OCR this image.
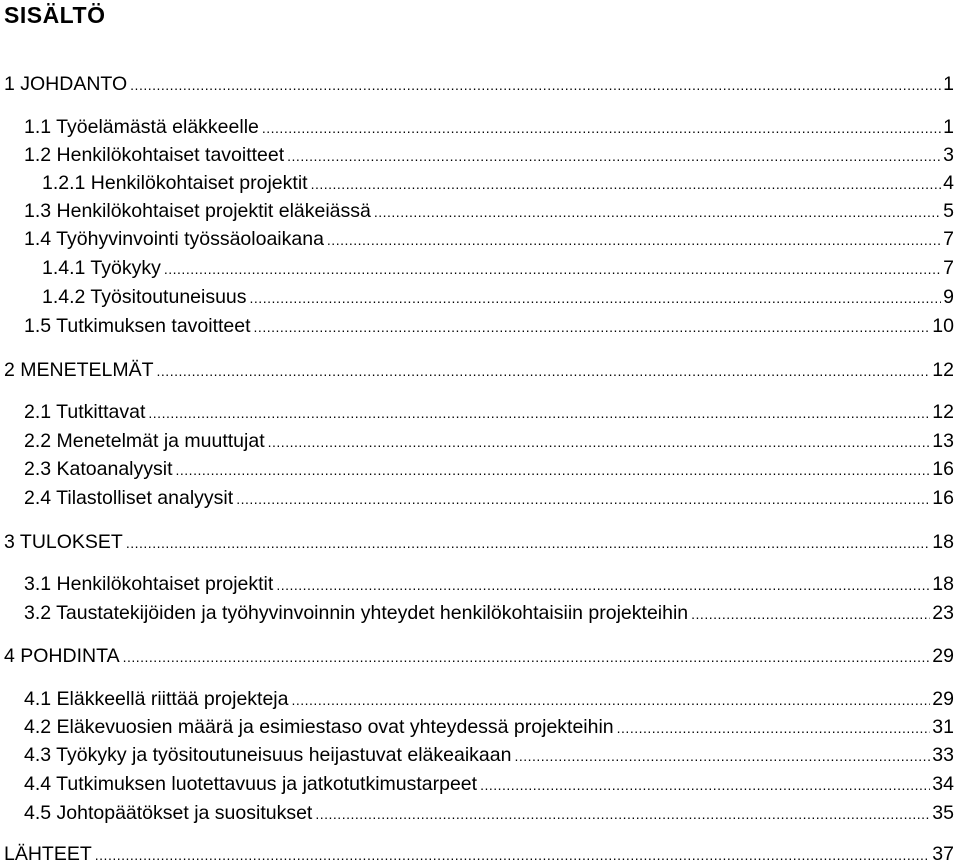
SISÄLTÖ
1 JOHDANTO .....	1
1.1 Työelämästä eläkkeelle .....	1
1.2 Henkilökohtaiset tavoitteet .....	3
1.2.1 Henkilökohtaiset projektit .....	4
1.3 Henkilökohtaiset projektit eläkeiässä .....	5
1.4 Työhyvinvointi työssäoloaikana .....	7
1.4.1 Työkyky .....	7
1.4.2 Työsitoutuneisuus .....	9
1.5 Tutkimuksen tavoitteet .....	10
2 MENETELMÄT .....	12
2.1 Tutkittavat .....	12
2.2 Menetelmät ja muuttujat .....	13
2.3 Katoanalyysit .....	16
2.4 Tilastolliset analyysit .....	16
3 TULOKSET .....	18
3.1 Henkilökohtaiset projektit .....	18
3.2 Taustatekijöiden ja työhyvinvoinnin yhteydet henkilökohtaisiin projekteihin .....	23
4 POHDINTA .....	29
4.1 Eläkkeellä riittää projekteja .....	29
4.2 Eläkevuosien määrä ja esimiestaso ovat yhteydessä projekteihin .....	31
4.3 Työkyky ja työsitoutuneisuus heijastuvat eläkeaikaan .....	33
4.4 Tutkimuksen luotettavuus ja jatkotutkimustarpeet .....	34
4.5 Johtopäätökset ja suositukset .....	35
LÄHTEET .....	37
